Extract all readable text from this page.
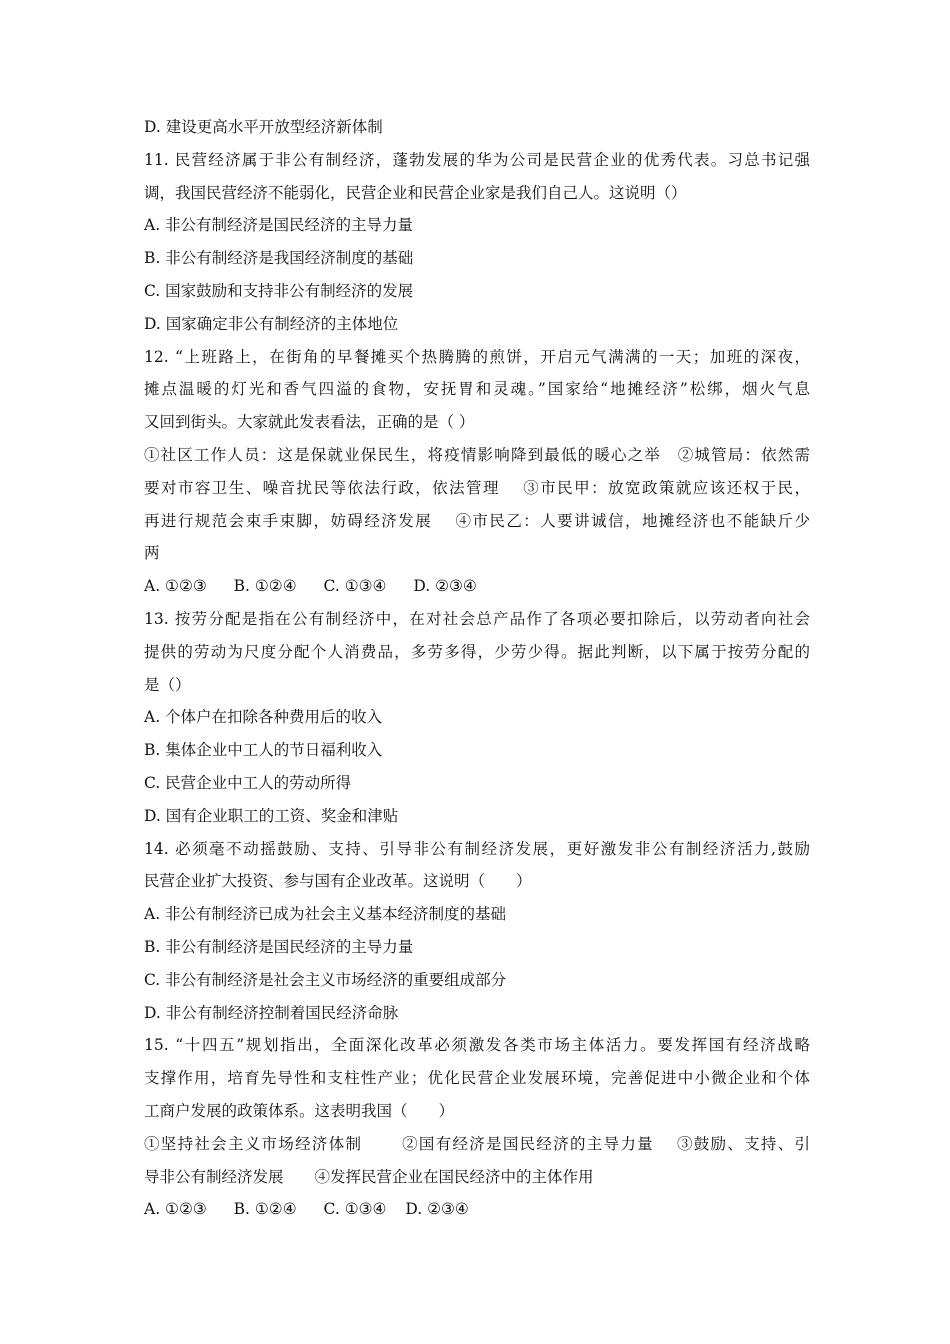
D. 建设更高水平开放型经济新体制
11. 民营经济属于非公有制经济，蓬勃发展的华为公司是民营企业的优秀代表。习总书记强
调，我国民营经济不能弱化，民营企业和民营企业家是我们自己人。这说明（）
A. 非公有制经济是国民经济的主导力量
B. 非公有制经济是我国经济制度的基础
C. 国家鼓励和支持非公有制经济的发展
D. 国家确定非公有制经济的主体地位
12. “上班路上，在街角的早餐摊买个热腾腾的煎饼，开启元气满满的一天；加班的深夜，
摊点温暖的灯光和香气四溢的食物，安抚胃和灵魂。”国家给“地摊经济”松绑，烟火气息
又回到街头。大家就此发表看法，正确的是（ ）
①社区工作人员：这是保就业保民生，将疫情影响降到最低的暖心之举　②城管局：依然需
要对市容卫生、噪音扰民等依法行政，依法管理　 ③市民甲：放宽政策就应该还权于民，
再进行规范会束手束脚，妨碍经济发展　 ④市民乙：人要讲诚信，地摊经济也不能缺斤少
两
A. ①②③ B. ①②④ C. ①③④ D. ②③④
13. 按劳分配是指在公有制经济中，在对社会总产品作了各项必要扣除后，以劳动者向社会
提供的劳动为尺度分配个人消费品，多劳多得，少劳少得。据此判断，以下属于按劳分配的
是（）
A. 个体户在扣除各种费用后的收入
B. 集体企业中工人的节日福利收入
C. 民营企业中工人的劳动所得
D. 国有企业职工的工资、奖金和津贴
14. 必须毫不动摇鼓励、支持、引导非公有制经济发展，更好激发非公有制经济活力,鼓励
民营企业扩大投资、参与国有企业改革。这说明（　　）
A. 非公有制经济已成为社会主义基本经济制度的基础
B. 非公有制经济是国民经济的主导力量
C. 非公有制经济是社会主义市场经济的重要组成部分
D. 非公有制经济控制着国民经济命脉
15. “十四五”规划指出，全面深化改革必须激发各类市场主体活力。要发挥国有经济战略
支撑作用，培育先导性和支柱性产业；优化民营企业发展环境，完善促进中小微企业和个体
工商户发展的政策体系。这表明我国（　　）
①坚持社会主义市场经济体制　　 ②国有经济是国民经济的主导力量　 ③鼓励、支持、引
导非公有制经济发展　　④发挥民营企业在国民经济中的主体作用
A. ①②③ B. ①②④ C. ①③④ D. ②③④
